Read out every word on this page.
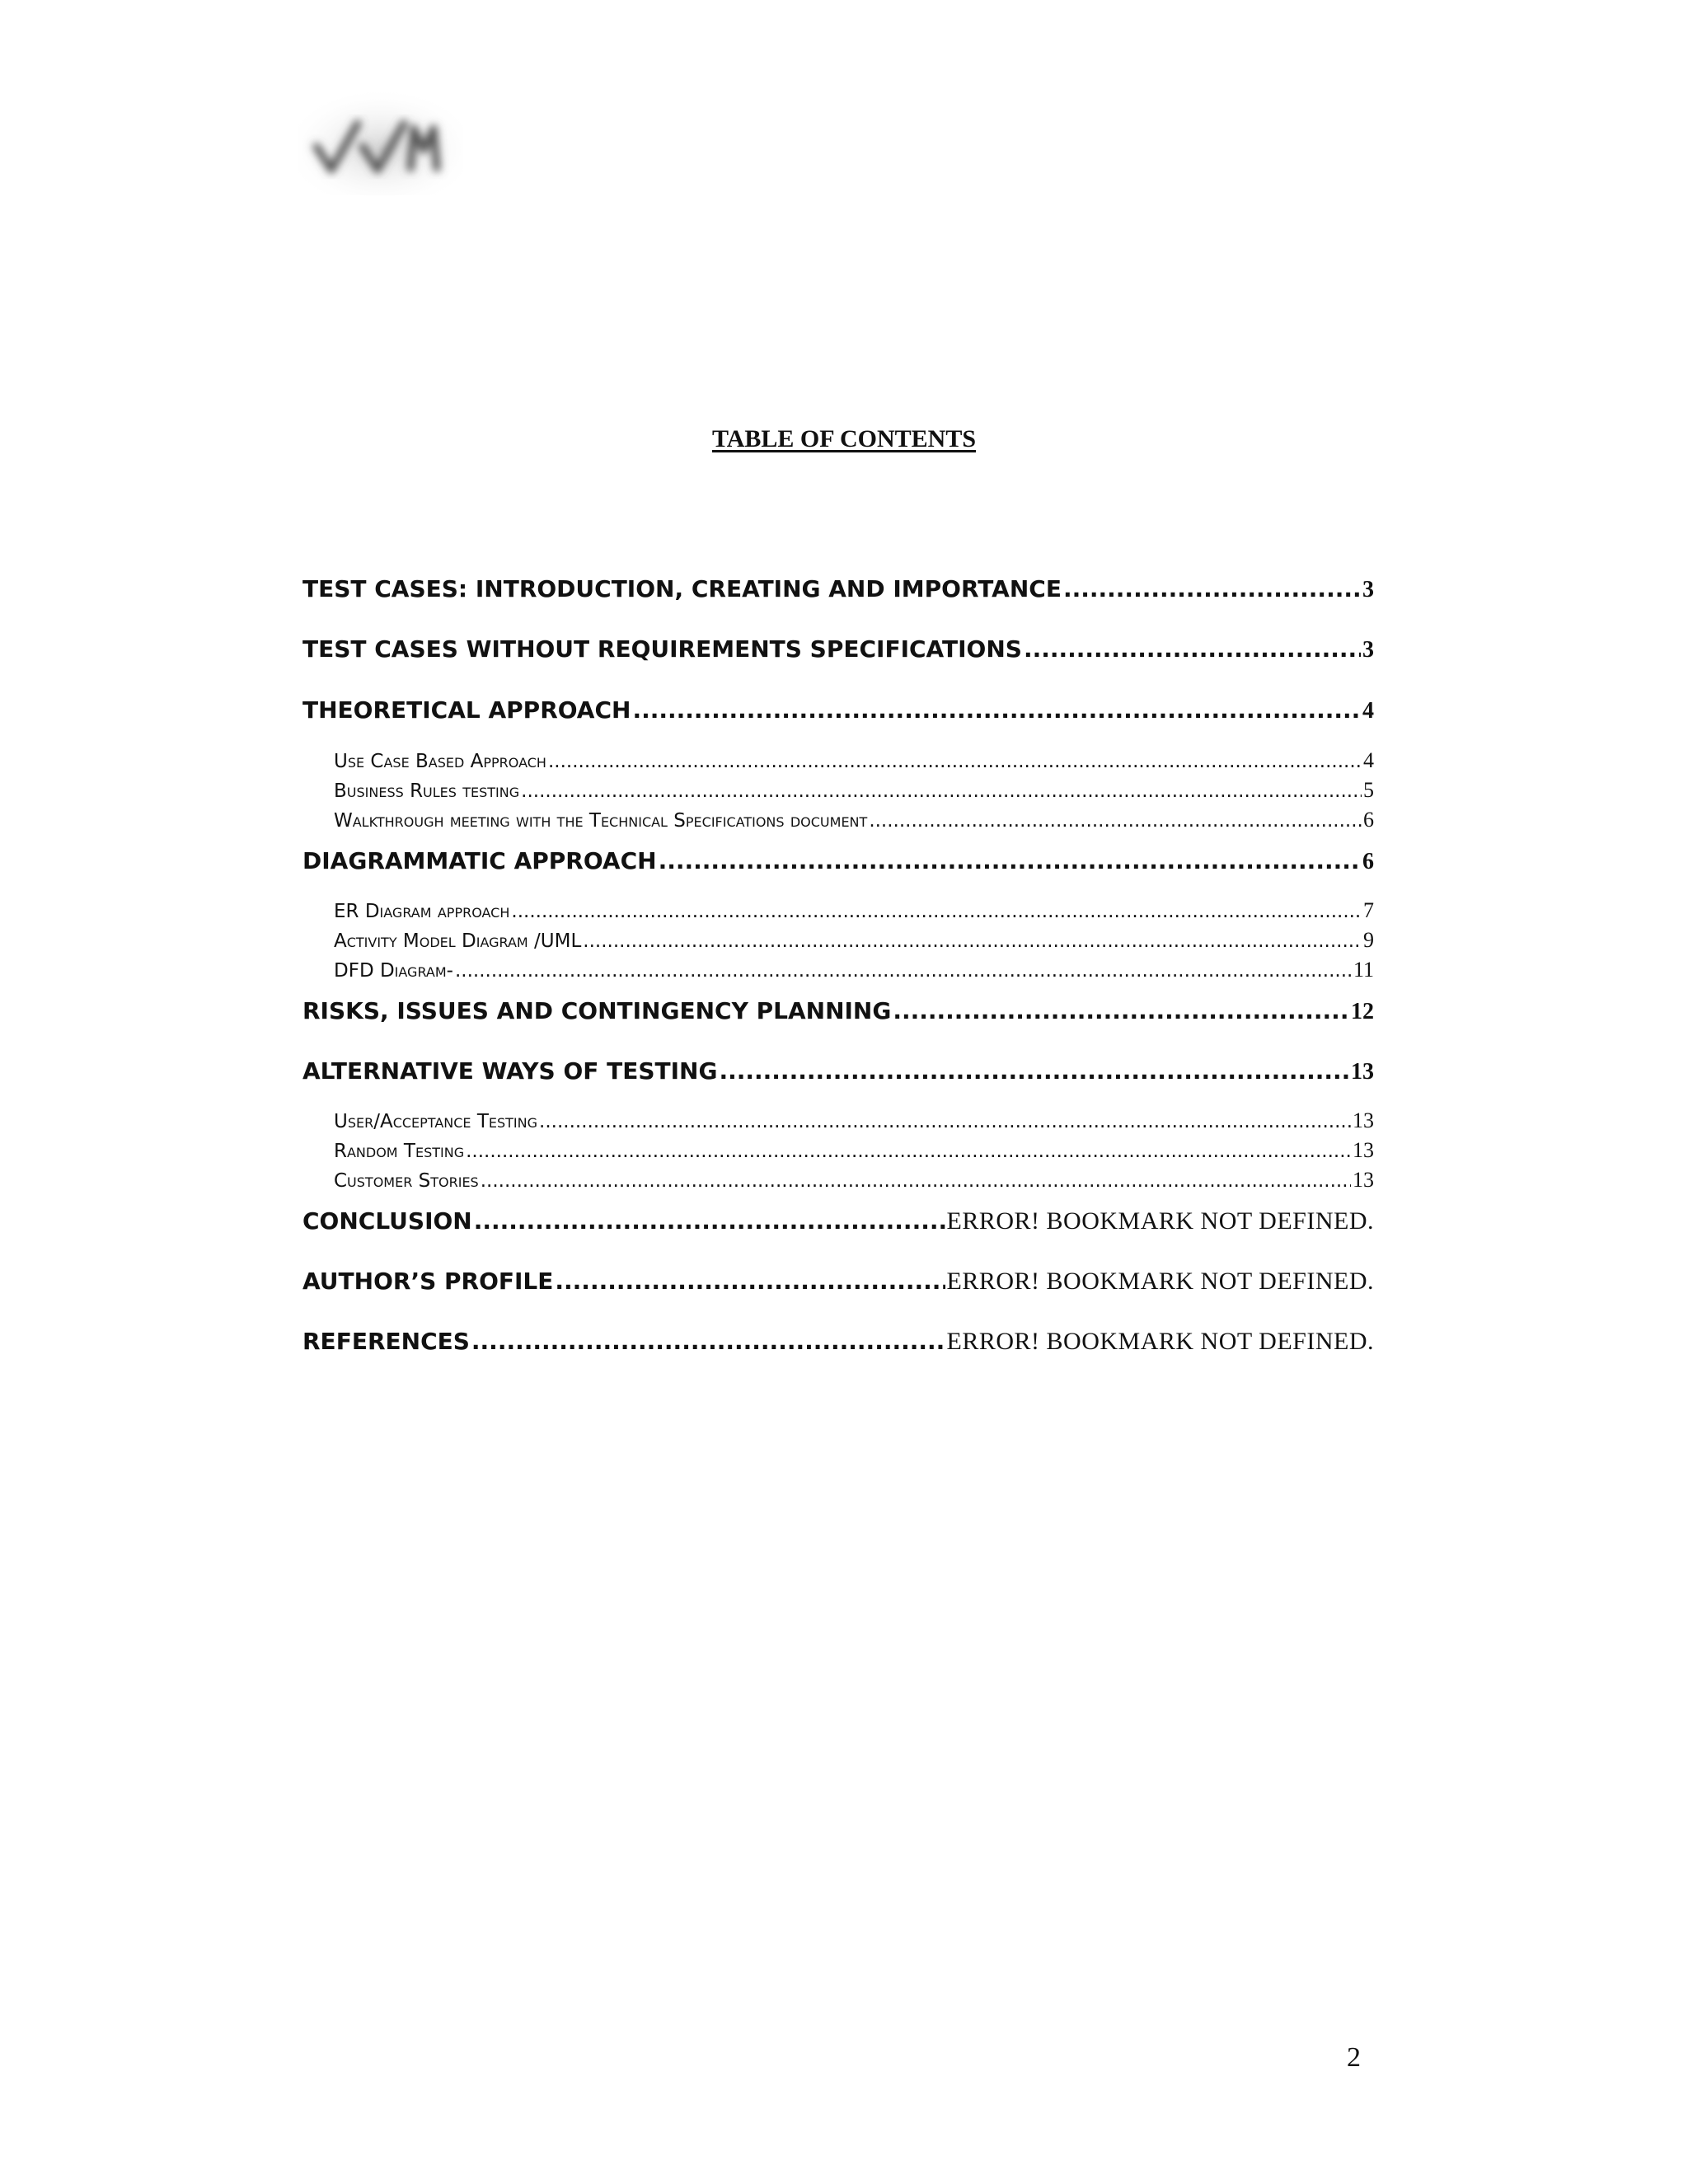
TABLE OF CONTENTS
TEST CASES: INTRODUCTION, CREATING AND IMPORTANCE .....	3
TEST CASES WITHOUT REQUIREMENTS SPECIFICATIONS .....	3
THEORETICAL APPROACH .....	4
Use Case Based Approach .....	4
Business Rules testing .....	5
Walkthrough meeting with the Technical Specifications document .....	6
DIAGRAMMATIC APPROACH .....	6
ER Diagram approach .....	7
Activity Model Diagram /UML .....	9
DFD Diagram- .....	11
RISKS, ISSUES AND CONTINGENCY PLANNING .....	12
ALTERNATIVE WAYS OF TESTING .....	13
User/Acceptance Testing .....	13
Random Testing .....	13
Customer Stories .....	13
CONCLUSION .....	ERROR! BOOKMARK NOT DEFINED.
AUTHOR’S PROFILE .....	ERROR! BOOKMARK NOT DEFINED.
REFERENCES .....	ERROR! BOOKMARK NOT DEFINED.
2
